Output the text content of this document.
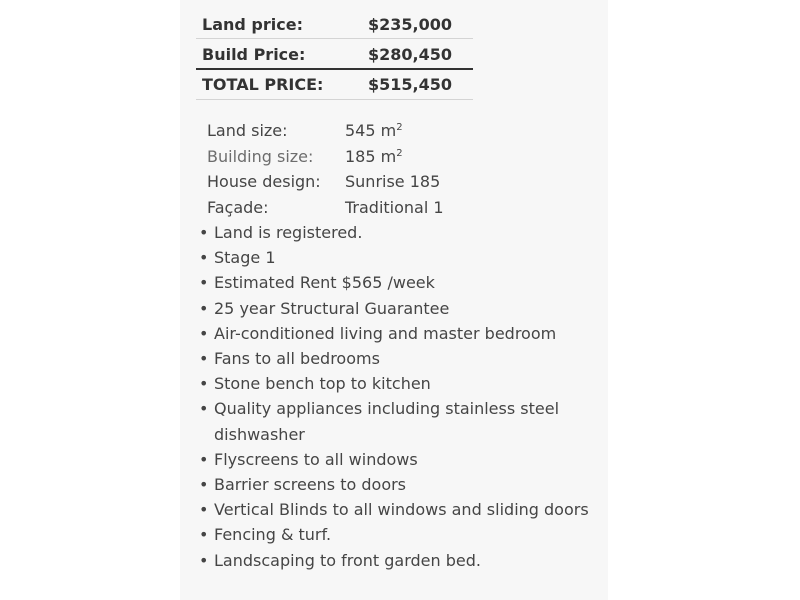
Land price:	$235,000
Build Price:	$280,450
TOTAL PRICE:	$515,450
Land size:	545 $m^2$
Building size: 185 $m^2$
House design: Sunrise 185
Façade:	Traditional 1
• Land is registered.
• Stage 1
• Estimated Rent $565 /week
• 25 year Structural Guarantee
• Air-conditioned living and master bedroom
• Fans to all bedrooms
• Stone bench top to kitchen
• Quality appliances including stainless steel dishwasher
• Flyscreens to all windows
• Barrier screens to doors
• Vertical Blinds to all windows and sliding doors
• Fencing & turf.
• Landscaping to front garden bed.
